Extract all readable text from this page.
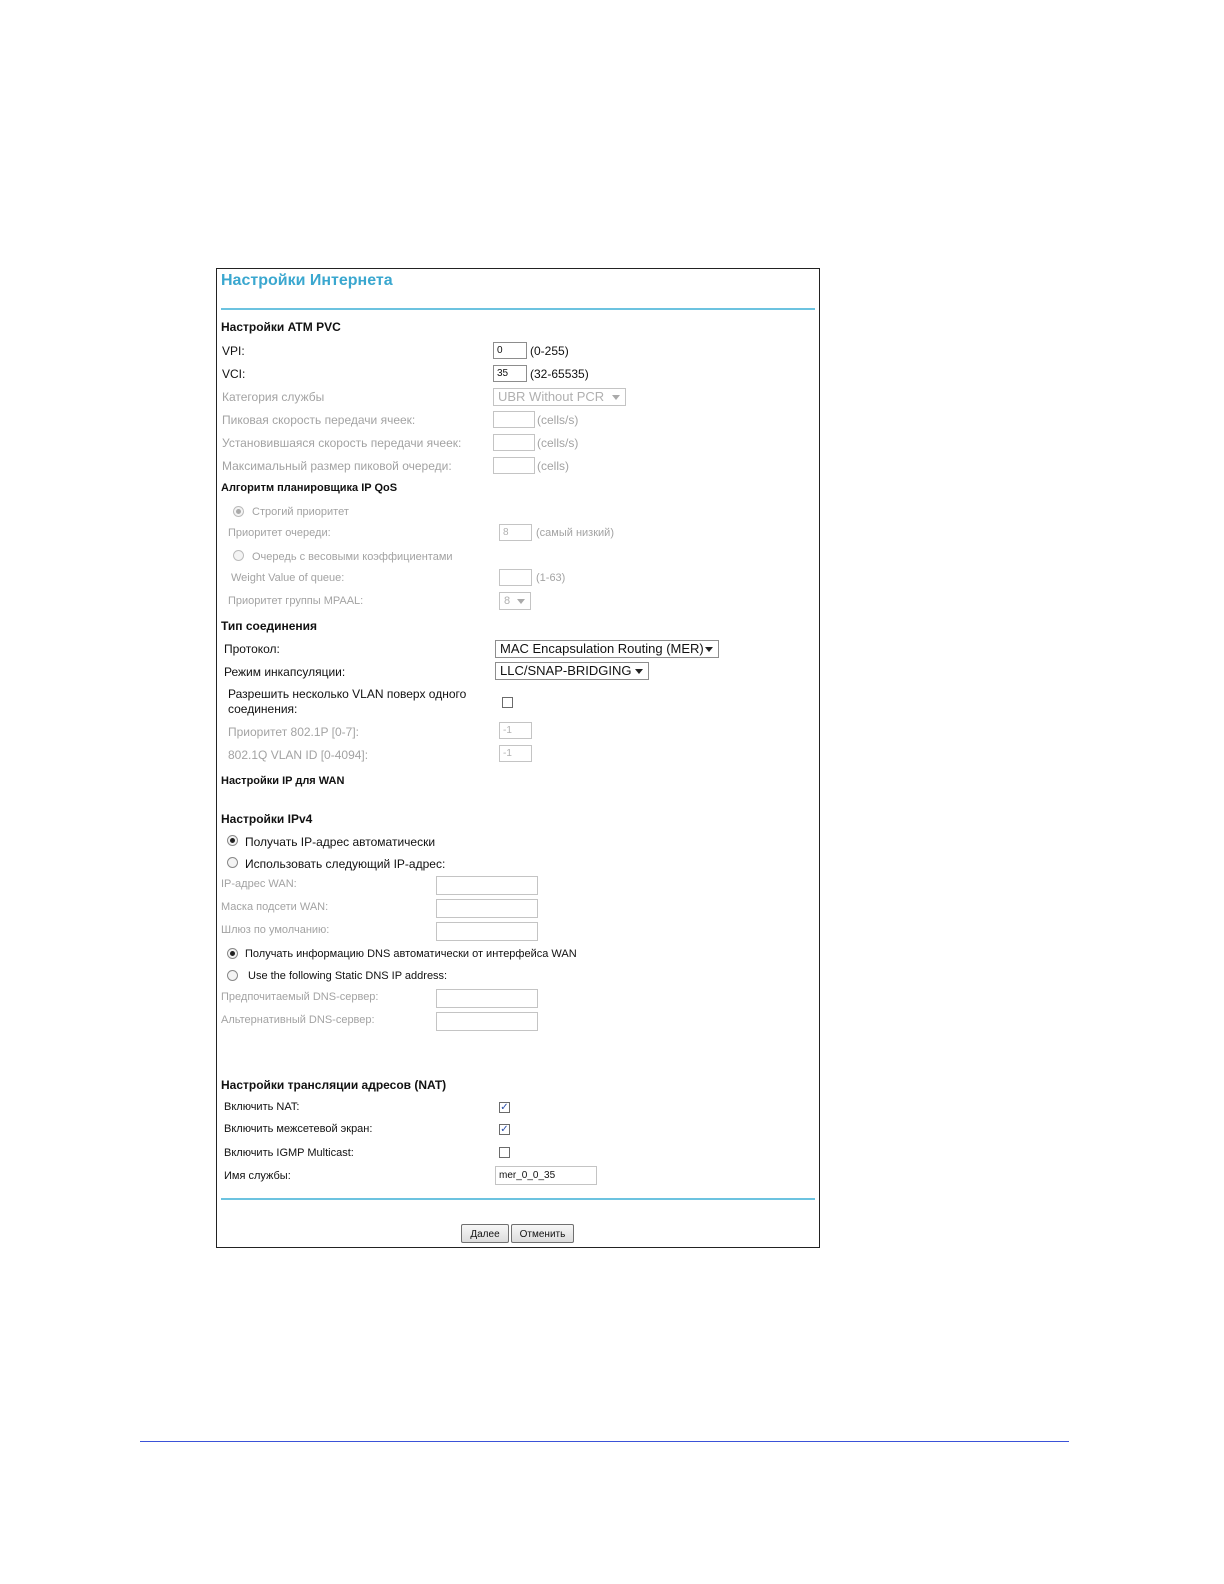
Настройки Интернета
Настройки ATM PVC
VPI:
0	(0-255)
VCI:
35	(32-65535)
Категория службы	UBR Without PCR
Пиковая скорость передачи ячеек:	(cells/s)
Установившаяся скорость передачи ячеек:	(cells/s)
Максимальный размер пиковой очереди:	(cells)
Алгоритм планировщика IP QoS
Строгий приоритет
Приоритет очереди:
8	(самый низкий)
Очередь с весовыми коэффициентами
Weight Value of queue:	(1-63)
Приоритет группы MPAAL:	8
Тип соединения
Протокол:	MAC Encapsulation Routing (MER)
Режим инкапсуляции:	LLC/SNAP-BRIDGING
Разрешить несколько VLAN поверх одного
соединения:
Приоритет 802.1P [0-7]:
-1
802.1Q VLAN ID [0-4094]:
-1
Настройки IP для WAN
Настройки IPv4
Получать IP-адрес автоматически
Использовать следующий IP-адрес:
IP-адрес WAN:
Маска подсети WAN:
Шлюз по умолчанию:
Получать информацию DNS автоматически от интерфейса WAN
Use the following Static DNS IP address:
Предпочитаемый DNS-сервер:
Альтернативный DNS-сервер:
Настройки трансляции адресов (NAT)
Включить NAT:	✓
Включить межсетевой экран:	✓
Включить IGMP Multicast:
Имя службы:
mer_0_0_35
Далее	Отменить
